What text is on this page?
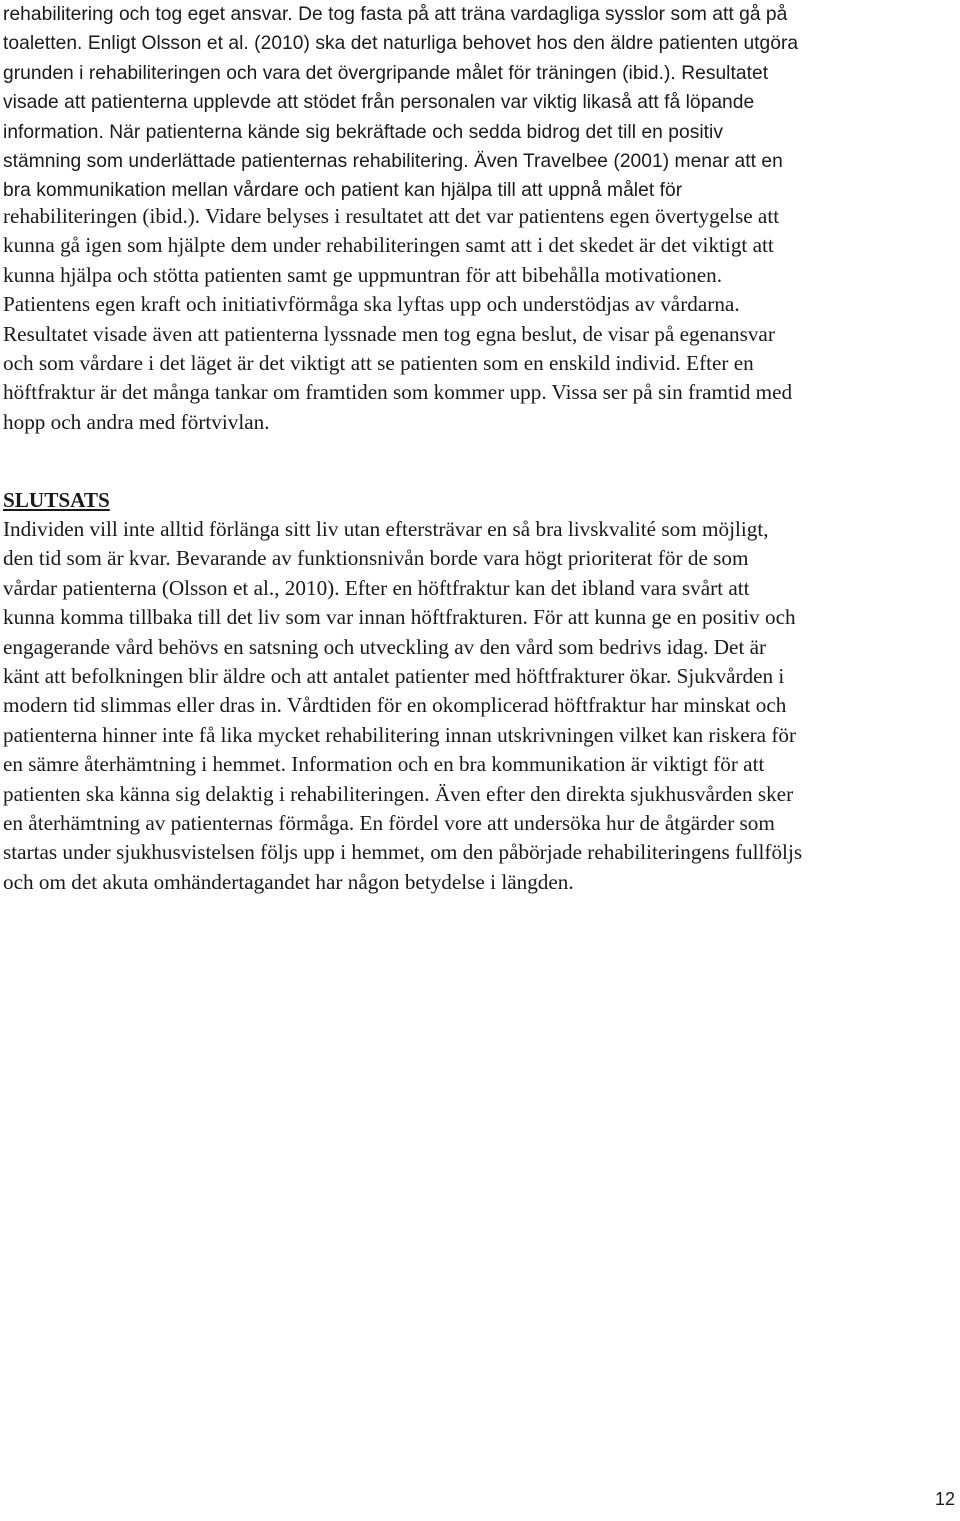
rehabilitering och tog eget ansvar. De tog fasta på att träna vardagliga sysslor som att gå på
toaletten. Enligt Olsson et al. (2010) ska det naturliga behovet hos den äldre patienten utgöra
grunden i rehabiliteringen och vara det övergripande målet för träningen (ibid.). Resultatet
visade att patienterna upplevde att stödet från personalen var viktig likaså att få löpande
information. När patienterna kände sig bekräftade och sedda bidrog det till en positiv
stämning som underlättade patienternas rehabilitering. Även Travelbee (2001) menar att en
bra kommunikation mellan vårdare och patient kan hjälpa till att uppnå målet för

rehabiliteringen (ibid.). Vidare belyses i resultatet att det var patientens egen övertygelse att
kunna gå igen som hjälpte dem under rehabiliteringen samt att i det skedet är det viktigt att
kunna hjälpa och stötta patienten samt ge uppmuntran för att bibehålla motivationen.
Patientens egen kraft och initiativförmåga ska lyftas upp och understödjas av vårdarna.
Resultatet visade även att patienterna lyssnade men tog egna beslut, de visar på egenansvar
och som vårdare i det läget är det viktigt att se patienten som en enskild individ. Efter en
höftfraktur är det många tankar om framtiden som kommer upp. Vissa ser på sin framtid med
hopp och andra med förtvivlan.

SLUTSATS

Individen vill inte alltid förlänga sitt liv utan eftersträvar en så bra livskvalité som möjligt,
den tid som är kvar. Bevarande av funktionsnivån borde vara högt prioriterat för de som
vårdar patienterna (Olsson et al., 2010). Efter en höftfraktur kan det ibland vara svårt att
kunna komma tillbaka till det liv som var innan höftfrakturen. För att kunna ge en positiv och
engagerande vård behövs en satsning och utveckling av den vård som bedrivs idag. Det är
känt att befolkningen blir äldre och att antalet patienter med höftfrakturer ökar. Sjukvården i
modern tid slimmas eller dras in. Vårdtiden för en okomplicerad höftfraktur har minskat och
patienterna hinner inte få lika mycket rehabilitering innan utskrivningen vilket kan riskera för
en sämre återhämtning i hemmet. Information och en bra kommunikation är viktigt för att
patienten ska känna sig delaktig i rehabiliteringen. Även efter den direkta sjukhusvården sker
en återhämtning av patienternas förmåga. En fördel vore att undersöka hur de åtgärder som
startas under sjukhusvistelsen följs upp i hemmet, om den påbörjade rehabiliteringens fullföljs
och om det akuta omhändertagandet har någon betydelse i längden.

12
